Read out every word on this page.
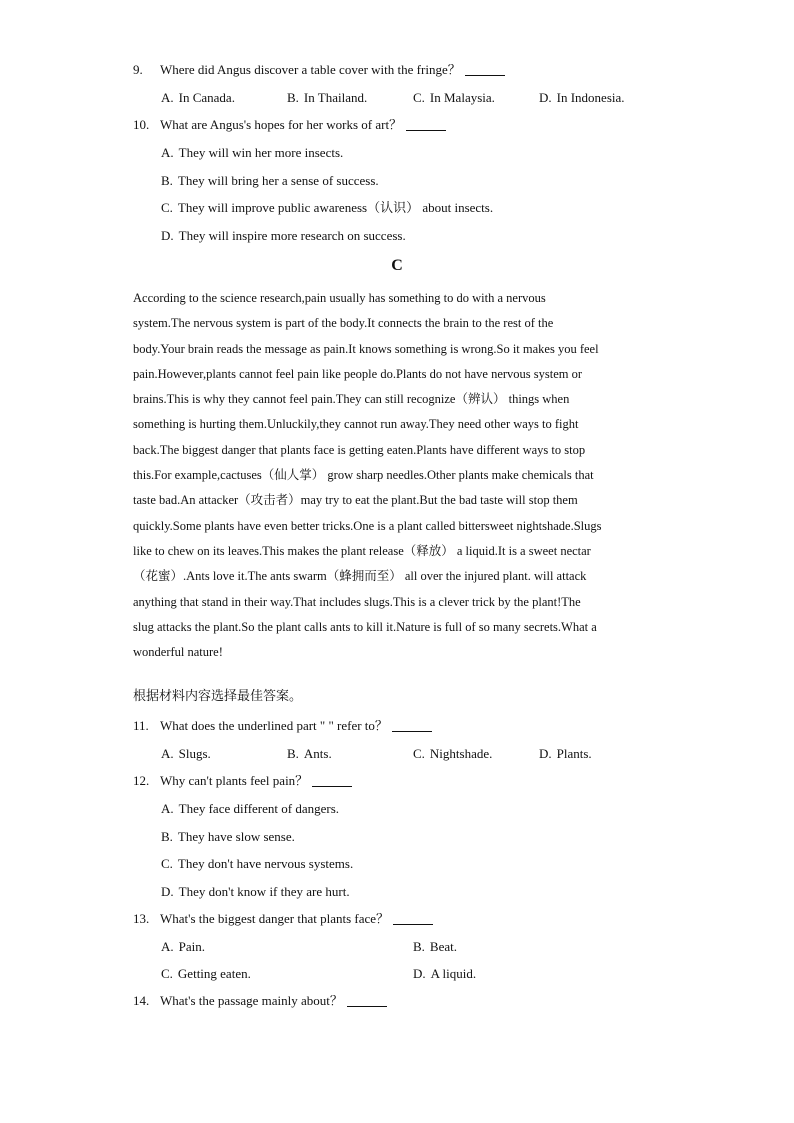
9. Where did Angus discover a table cover with the fringe？
A. In Canada.	B. In Thailand.	C. In Malaysia.	D. In Indonesia.
10. What are Angus's hopes for her works of art？
A. They will win her more insects.
B. They will bring her a sense of success.
C. They will improve public awareness（认识） about insects.
D. They will inspire more research on success.
C
According to the science research,pain usually has something to do with a nervous
system.The nervous system is part of the body.It connects the brain to the rest of the
body.Your brain reads the message as pain.It knows something is wrong.So it makes you feel
pain.However,plants cannot feel pain like people do.Plants do not have nervous system or
brains.This is why they cannot feel pain.They can still recognize（辨认） things when
something is hurting them.Unluckily,they cannot run away.They need other ways to fight
back.The biggest danger that plants face is getting eaten.Plants have different ways to stop
this.For example,cactuses（仙人掌） grow sharp needles.Other plants make chemicals that
taste bad.An attacker（攻击者）may try to eat the plant.But the bad taste will stop them
quickly.Some plants have even better tricks.One is a plant called bittersweet nightshade.Slugs
like to chew on its leaves.This makes the plant release（释放） a liquid.It is a sweet nectar
（花蜜）.Ants love it.The ants swarm（蜂拥而至） all over the injured plant. will attack
anything that stand in their way.That includes slugs.This is a clever trick by the plant!The
slug attacks the plant.So the plant calls ants to kill it.Nature is full of so many secrets.What a
wonderful nature!
根据材料内容选择最佳答案。
11. What does the underlined part " " refer to？
A. Slugs.	B. Ants.	C. Nightshade.	D. Plants.
12. Why can't plants feel pain？
A. They face different of dangers.
B. They have slow sense.
C. They don't have nervous systems.
D. They don't know if they are hurt.
13. What's the biggest danger that plants face？
A. Pain.	B. Beat.
C. Getting eaten.	D. A liquid.
14. What's the passage mainly about？
